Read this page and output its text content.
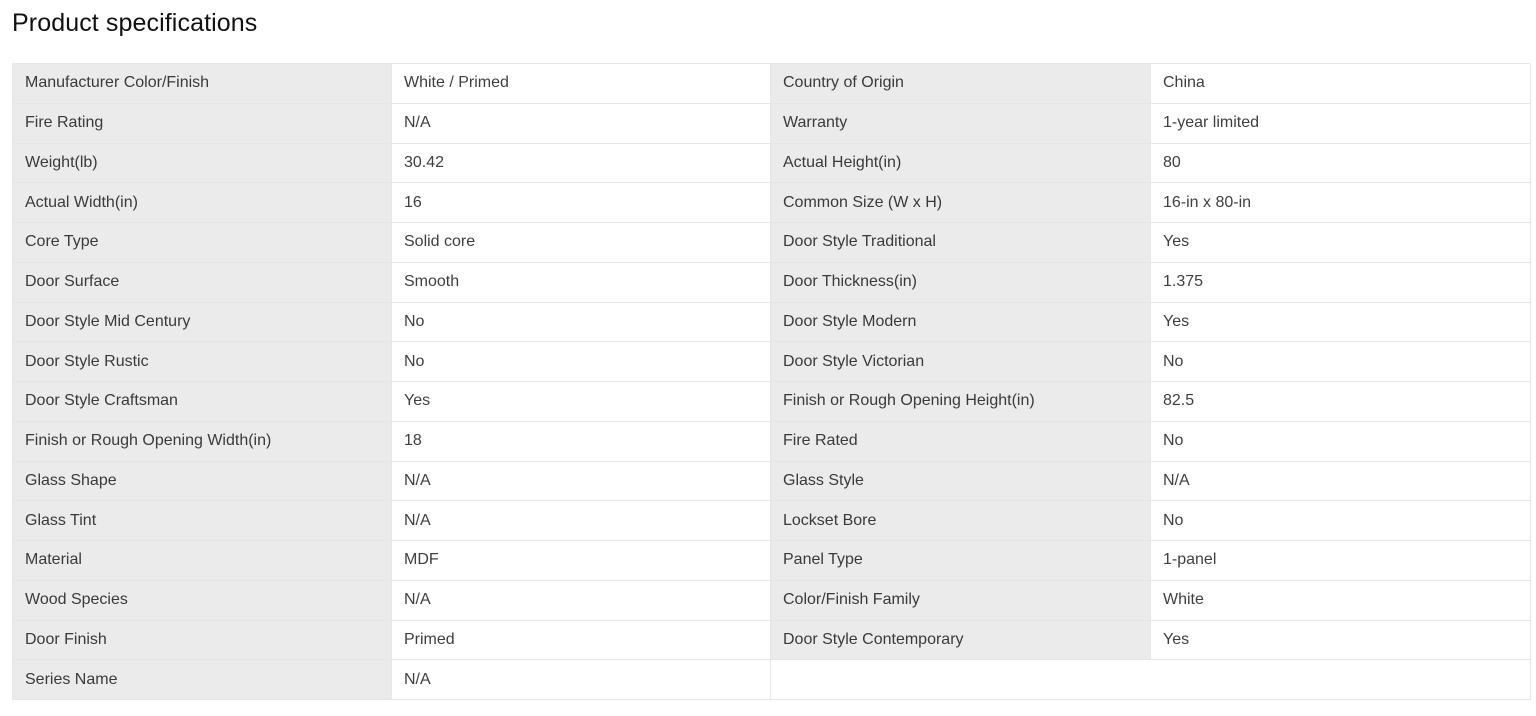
Product specifications
Manufacturer Color/Finish	White / Primed	Country of Origin	China
Fire Rating	N/A	Warranty	1-year limited
Weight(lb)	30.42	Actual Height(in)	80
Actual Width(in)	16	Common Size (W x H)	16-in x 80-in
Core Type	Solid core	Door Style Traditional	Yes
Door Surface	Smooth	Door Thickness(in)	1.375
Door Style Mid Century	No	Door Style Modern	Yes
Door Style Rustic	No	Door Style Victorian	No
Door Style Craftsman	Yes	Finish or Rough Opening Height(in)	82.5
Finish or Rough Opening Width(in)	18	Fire Rated	No
Glass Shape	N/A	Glass Style	N/A
Glass Tint	N/A	Lockset Bore	No
Material	MDF	Panel Type	1-panel
Wood Species	N/A	Color/Finish Family	White
Door Finish	Primed	Door Style Contemporary	Yes
Series Name	N/A
